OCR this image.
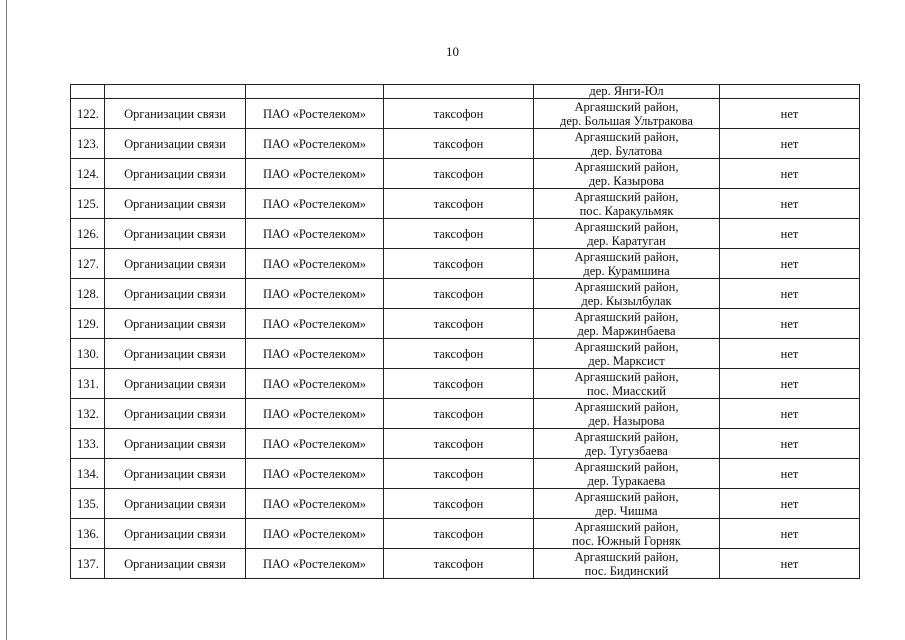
10
				дер. Янги-Юл	
122.	Организации связи	ПАО «Ростелеком»	таксофон	Аргаяшский район,
дер. Большая Ультракова	нет
123.	Организации связи	ПАО «Ростелеком»	таксофон	Аргаяшский район,
дер. Булатова	нет
124.	Организации связи	ПАО «Ростелеком»	таксофон	Аргаяшский район,
дер. Казырова	нет
125.	Организации связи	ПАО «Ростелеком»	таксофон	Аргаяшский район,
пос. Каракульмяк	нет
126.	Организации связи	ПАО «Ростелеком»	таксофон	Аргаяшский район,
дер. Каратуган	нет
127.	Организации связи	ПАО «Ростелеком»	таксофон	Аргаяшский район,
дер. Курамшина	нет
128.	Организации связи	ПАО «Ростелеком»	таксофон	Аргаяшский район,
дер. Кызылбулак	нет
129.	Организации связи	ПАО «Ростелеком»	таксофон	Аргаяшский район,
дер. Маржинбаева	нет
130.	Организации связи	ПАО «Ростелеком»	таксофон	Аргаяшский район,
дер. Марксист	нет
131.	Организации связи	ПАО «Ростелеком»	таксофон	Аргаяшский район,
пос. Миасский	нет
132.	Организации связи	ПАО «Ростелеком»	таксофон	Аргаяшский район,
дер. Назырова	нет
133.	Организации связи	ПАО «Ростелеком»	таксофон	Аргаяшский район,
дер. Тугузбаева	нет
134.	Организации связи	ПАО «Ростелеком»	таксофон	Аргаяшский район,
дер. Туракаева	нет
135.	Организации связи	ПАО «Ростелеком»	таксофон	Аргаяшский район,
дер. Чишма	нет
136.	Организации связи	ПАО «Ростелеком»	таксофон	Аргаяшский район,
пос. Южный Горняк	нет
137.	Организации связи	ПАО «Ростелеком»	таксофон	Аргаяшский район,
пос. Бидинский	нет
